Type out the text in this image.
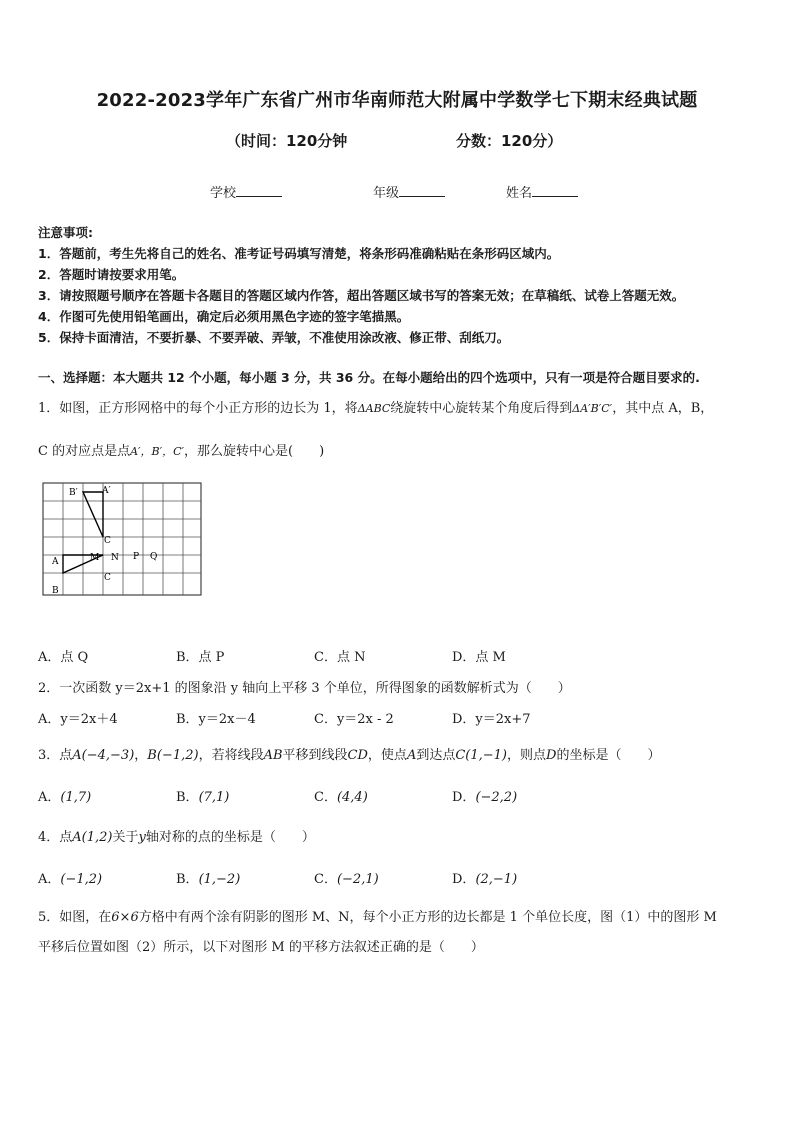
2022-2023学年广东省广州市华南师范大附属中学数学七下期末经典试题
（时间：120分钟	分数：120分）
学校	年级	姓名
注意事项:
1．答题前，考生先将自己的姓名、准考证号码填写清楚，将条形码准确粘贴在条形码区域内。
2．答题时请按要求用笔。
3．请按照题号顺序在答题卡各题目的答题区域内作答，超出答题区域书写的答案无效；在草稿纸、试卷上答题无效。
4．作图可先使用铅笔画出，确定后必须用黑色字迹的签字笔描黑。
5．保持卡面清洁，不要折暴、不要弄破、弄皱，不准使用涂改液、修正带、刮纸刀。
一、选择题：本大题共 12 个小题，每小题 3 分，共 36 分。在每小题给出的四个选项中，只有一项是符合题目要求的.
1．如图，正方形网格中的每个小正方形的边长为 1，将ΔABC绕旋转中心旋转某个角度后得到ΔA′B′C′，其中点 A，B，
C 的对应点是点A′，B′，C′，那么旋转中心是(　　)
B′	A′
C
A	M N P Q
C
B
A．点 Q	B．点 P	C．点 N	D．点 M
2．一次函数 y＝2x+1 的图象沿 y 轴向上平移 3 个单位，所得图象的函数解析式为（　　）
A．y＝2x＋4	B．y＝2x－4	C．y＝2x - 2	D．y＝2x+7
3．点A(−4,−3)，B(−1,2)，若将线段AB平移到线段CD，使点A到达点C(1,−1)，则点D的坐标是（　　）
A．(1,7)	B．(7,1)	C．(4,4)	D．(−2,2)
4．点A(1,2)关于y轴对称的点的坐标是（　　）
A．(−1,2)	B．(1,−2)	C．(−2,1)	D．(2,−1)
5．如图，在6×6方格中有两个涂有阴影的图形 M、N，每个小正方形的边长都是 1 个单位长度，图（1）中的图形 M
平移后位置如图（2）所示，以下对图形 M 的平移方法叙述正确的是（　　）
